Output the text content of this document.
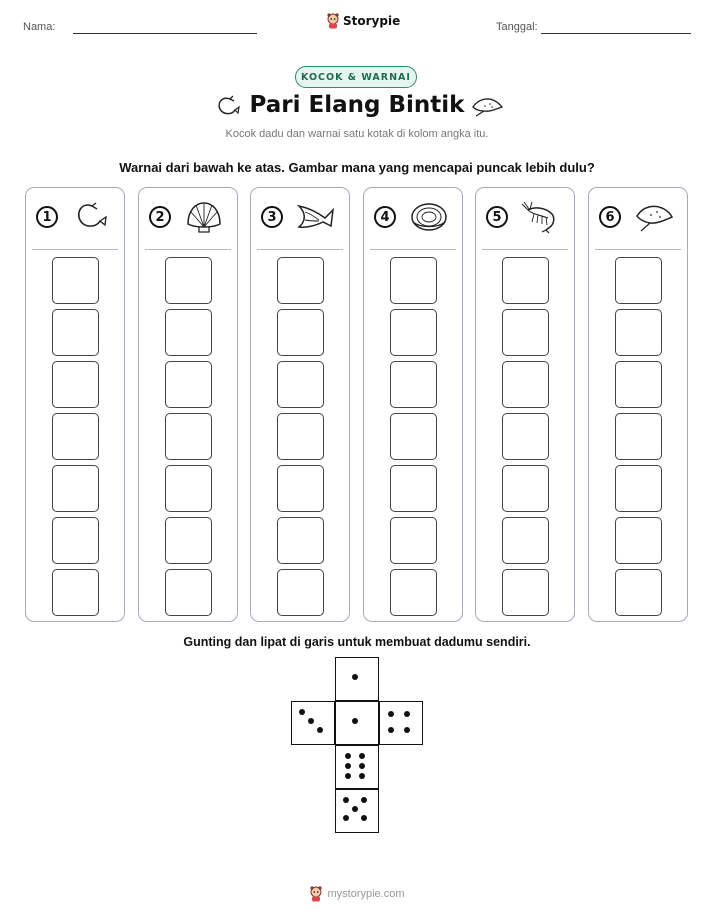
Nama:	Storypie	Tanggal:
KOCOK & WARNAI
Pari Elang Bintik
Kocok dadu dan warnai satu kotak di kolom angka itu.
Warnai dari bawah ke atas. Gambar mana yang mencapai puncak lebih dulu?
1	2	3	4	5	6
Gunting dan lipat di garis untuk membuat dadumu sendiri.
mystorypie.com
